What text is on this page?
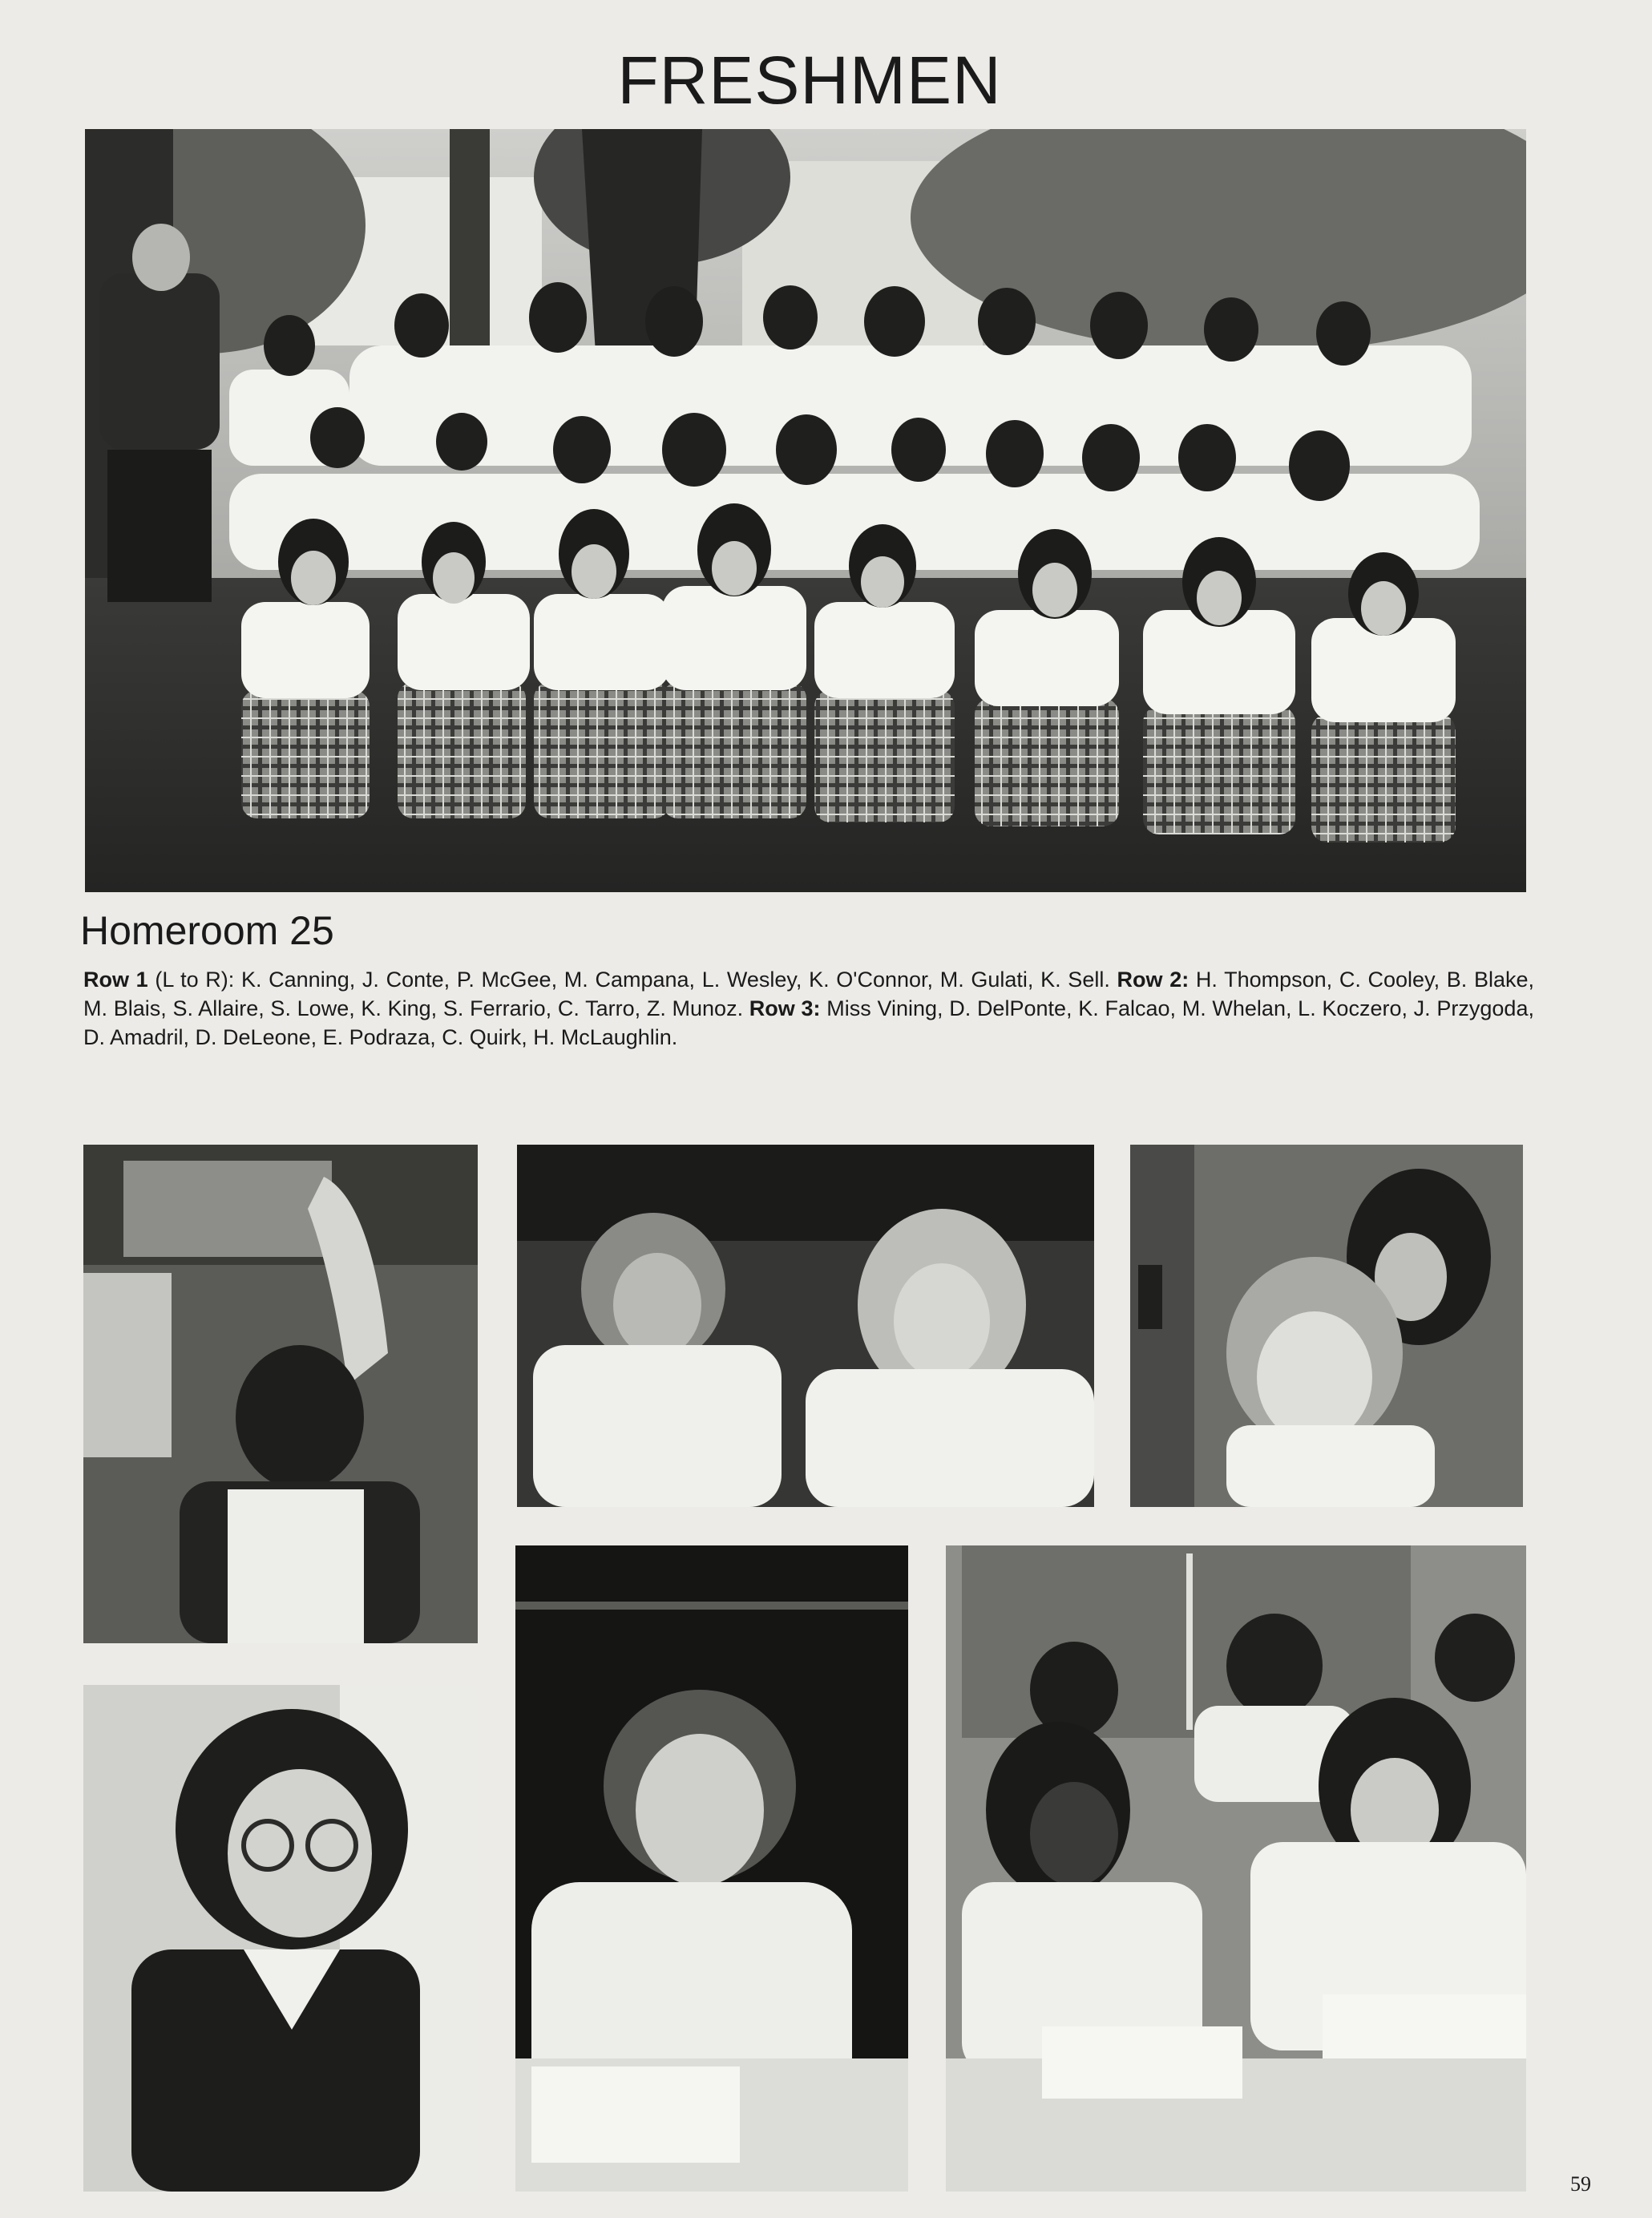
FRESHMEN
Homeroom 25

Row 1 (L to R): K. Canning, J. Conte, P. McGee, M. Campana, L. Wesley, K. O'Connor, M. Gulati, K. Sell. Row 2: H. Thompson, C. Cooley, B. Blake, M. Blais, S. Allaire, S. Lowe, K. King, S. Ferrario, C. Tarro, Z. Munoz. Row 3: Miss Vining, D. DelPonte, K. Falcao, M. Whelan, L. Koczero, J. Przygoda, D. Amadril, D. DeLeone, E. Podraza, C. Quirk, H. McLaughlin.

59
